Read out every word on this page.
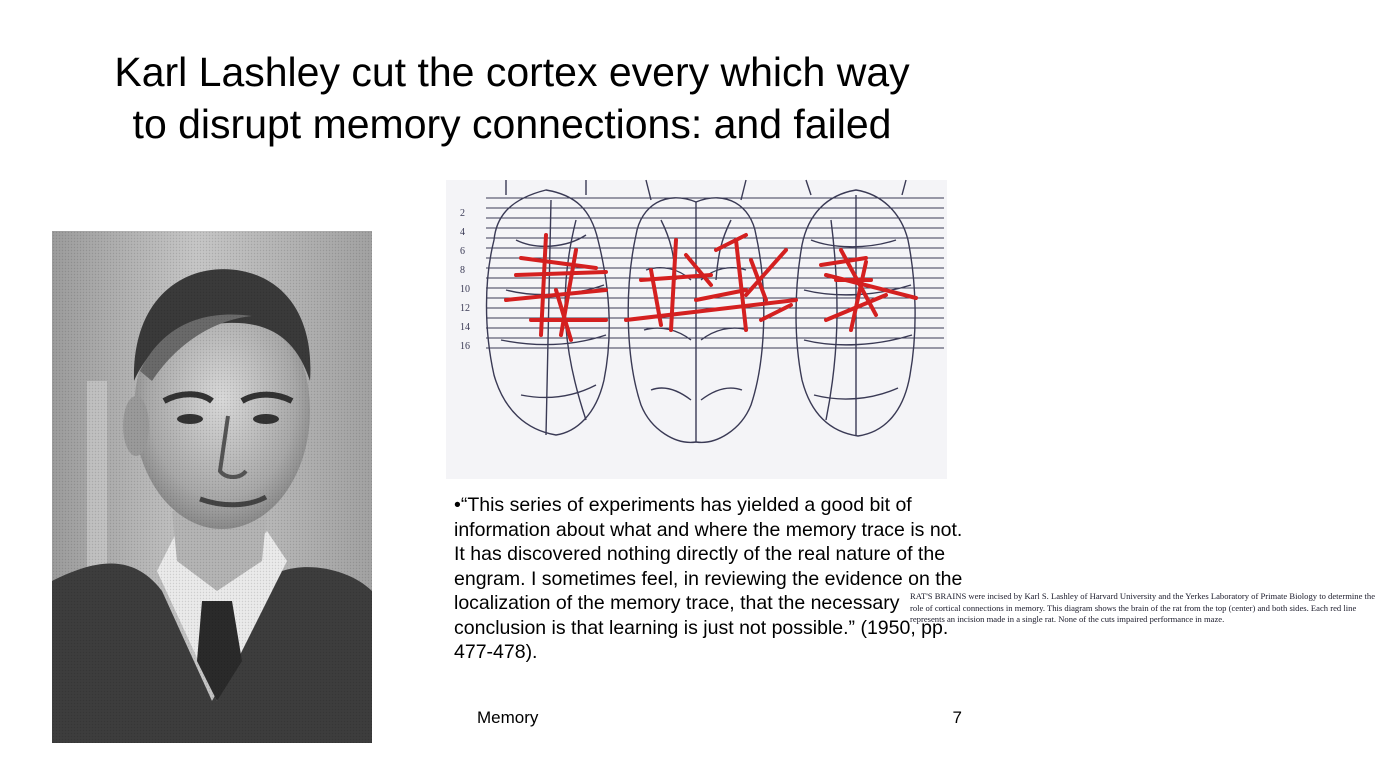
Karl Lashley cut the cortex every which way
to disrupt memory connections: and failed
2
4
6
8
10
12
14
16

RAT'S BRAINS were incised by Karl S. Lashley of Harvard University and the Yerkes Laboratory of Primate Biology to determine the role of cortical connections in memory. This diagram shows the brain of the rat from the top (center) and both sides. Each red line represents an incision made in a single rat. None of the cuts impaired performance in maze.

•“This series of experiments has yielded a good bit of information about what and where the memory trace is not. It has discovered nothing directly of the real nature of the engram. I sometimes feel, in reviewing the evidence on the localization of the memory trace, that the necessary conclusion is that learning is just not possible.” (1950, pp. 477-478).

Memory	7
